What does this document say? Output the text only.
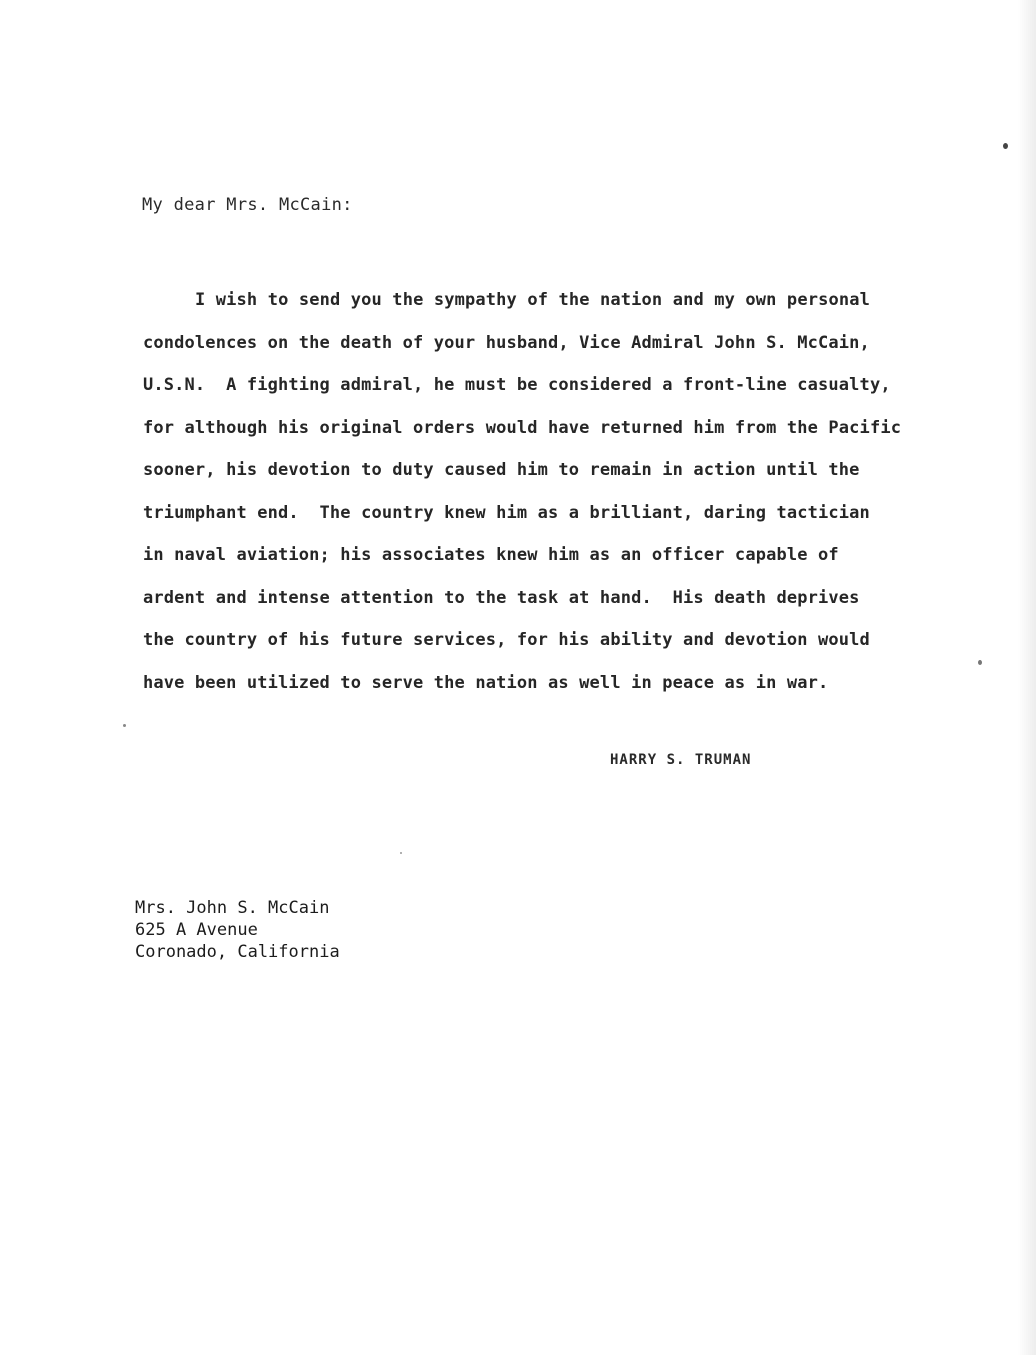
My dear Mrs. McCain:
I wish to send you the sympathy of the nation and my own personal
condolences on the death of your husband, Vice Admiral John S. McCain,
U.S.N.  A fighting admiral, he must be considered a front-line casualty,
for although his original orders would have returned him from the Pacific
sooner, his devotion to duty caused him to remain in action until the
triumphant end.  The country knew him as a brilliant, daring tactician
in naval aviation; his associates knew him as an officer capable of
ardent and intense attention to the task at hand.  His death deprives
the country of his future services, for his ability and devotion would
have been utilized to serve the nation as well in peace as in war.
HARRY S. TRUMAN
Mrs. John S. McCain
625 A Avenue
Coronado, California
